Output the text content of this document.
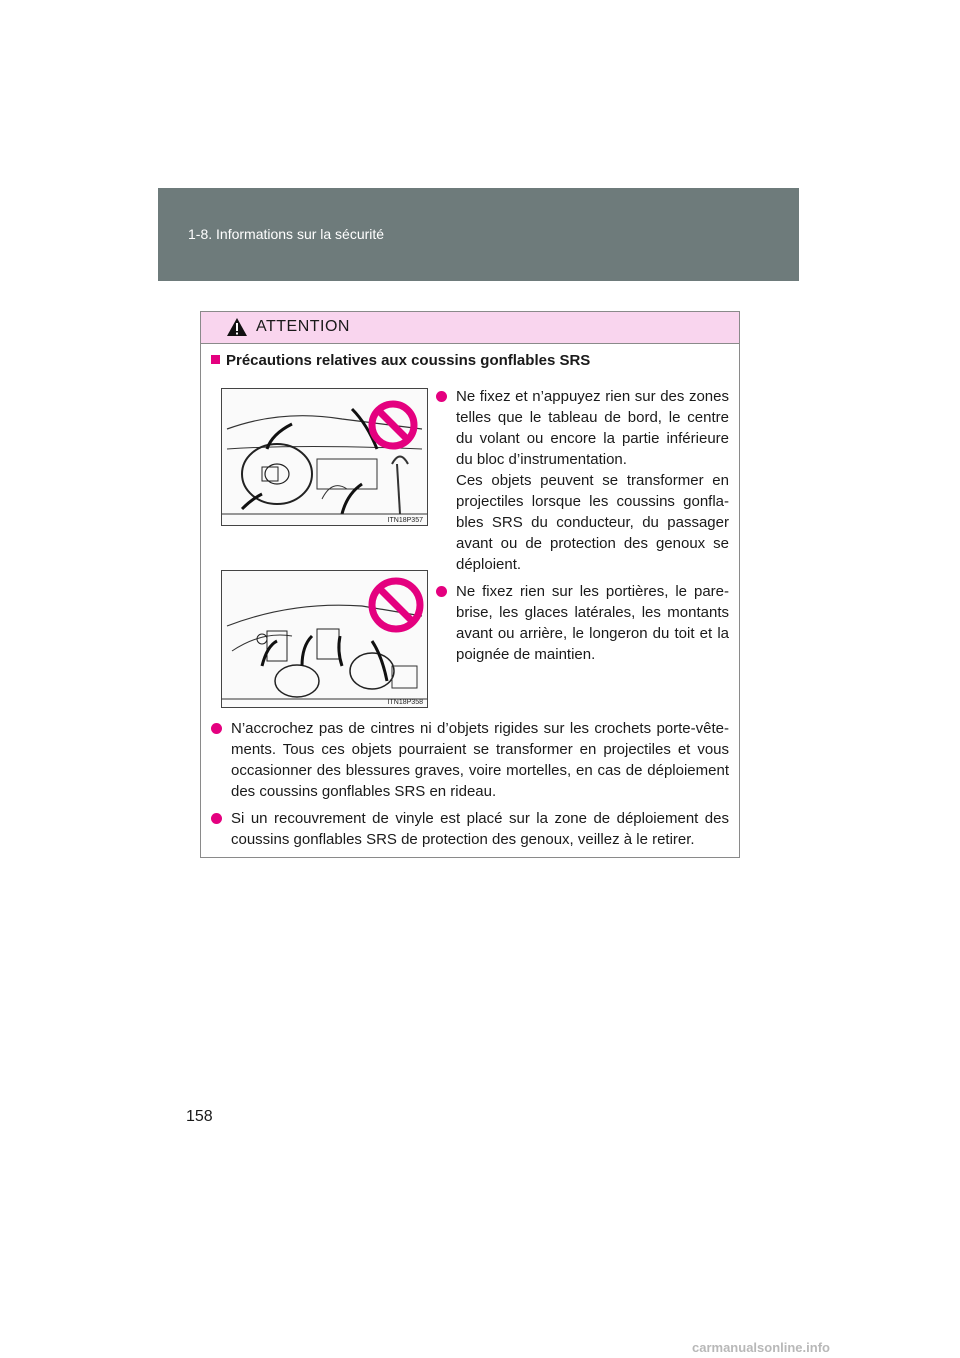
1-8. Informations sur la sécurité
ATTENTION
Précautions relatives aux coussins gonflables SRS
ITN18P357
ITN18P358
Ne fixez et n’appuyez rien sur des zones telles que le tableau de bord, le centre du volant ou encore la partie inférieure du bloc d’instrumentation.
Ces objets peuvent se transformer en projectiles lorsque les coussins gonfla-bles SRS du conducteur, du passager avant ou de protection des genoux se déploient.
Ne fixez rien sur les portières, le pare-brise, les glaces latérales, les montants avant ou arrière, le longeron du toit et la poignée de maintien.
N’accrochez pas de cintres ni d’objets rigides sur les crochets porte-vête-ments. Tous ces objets pourraient se transformer en projectiles et vous occasionner des blessures graves, voire mortelles, en cas de déploiement des coussins gonflables SRS en rideau.
Si un recouvrement de vinyle est placé sur la zone de déploiement des coussins gonflables SRS de protection des genoux, veillez à le retirer.
158
carmanualsonline.info
